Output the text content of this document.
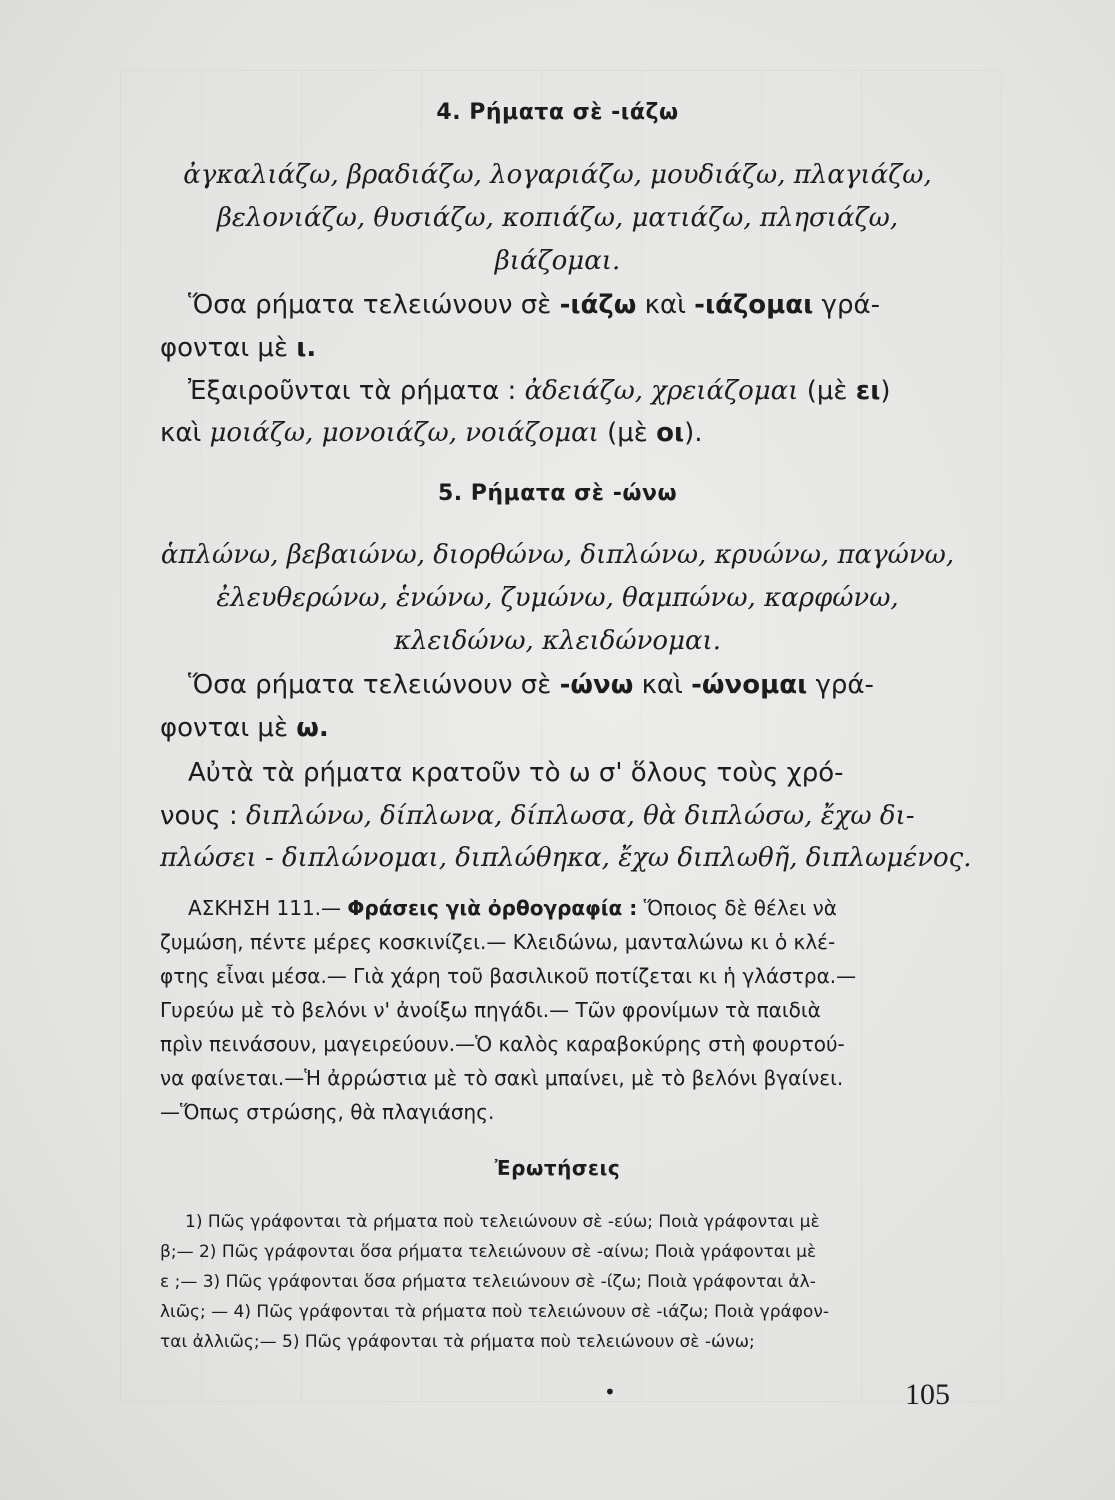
4. Ρήματα σὲ -ιάζω
ἀγκαλιάζω, βραδιάζω, λογαριάζω, μουδιάζω, πλαγιάζω,
βελονιάζω, θυσιάζω, κοπιάζω, ματιάζω, πλησιάζω,
βιάζομαι.
Ὅσα ρήματα τελειώνουν σὲ -ιάζω καὶ -ιάζομαι γρά-
φονται μὲ ι.
Ἐξαιροῦνται τὰ ρήματα : ἀδειάζω, χρειάζομαι (μὲ ει)
καὶ μοιάζω, μονοιάζω, νοιάζομαι (μὲ οι).
5. Ρήματα σὲ -ώνω
ἁπλώνω, βεβαιώνω, διορθώνω, διπλώνω, κρυώνω, παγώνω,
ἐλευθερώνω, ἑνώνω, ζυμώνω, θαμπώνω, καρφώνω,
κλειδώνω, κλειδώνομαι.
Ὅσα ρήματα τελειώνουν σὲ -ώνω καὶ -ώνομαι γρά-
φονται μὲ ω.
Αὐτὰ τὰ ρήματα κρατοῦν τὸ ω σ' ὅλους τοὺς χρό-
νους : διπλώνω, δίπλωνα, δίπλωσα, θὰ διπλώσω, ἔχω δι-
πλώσει - διπλώνομαι, διπλώθηκα, ἔχω διπλωθῆ, διπλωμένος.
ΑΣΚΗΣΗ 111.— Φράσεις γιὰ ὀρθογραφία : Ὅποιος δὲ θέλει νὰ
ζυμώση, πέντε μέρες κοσκινίζει.— Κλειδώνω, μανταλώνω κι ὁ κλέ-
φτης εἶναι μέσα.— Γιὰ χάρη τοῦ βασιλικοῦ ποτίζεται κι ἡ γλάστρα.—
Γυρεύω μὲ τὸ βελόνι ν' ἀνοίξω πηγάδι.— Τῶν φρονίμων τὰ παιδιὰ
πρὶν πεινάσουν, μαγειρεύουν.—Ὁ καλὸς καραβοκύρης στὴ φουρτού-
να φαίνεται.—Ἡ ἀρρώστια μὲ τὸ σακὶ μπαίνει, μὲ τὸ βελόνι βγαίνει.
—Ὅπως στρώσης, θὰ πλαγιάσης.
Ἐρωτήσεις
1) Πῶς γράφονται τὰ ρήματα ποὺ τελειώνουν σὲ -εύω; Ποιὰ γράφονται μὲ
β;— 2) Πῶς γράφονται ὅσα ρήματα τελειώνουν σὲ -αίνω; Ποιὰ γράφονται μὲ
ε ;— 3) Πῶς γράφονται ὅσα ρήματα τελειώνουν σὲ -ίζω; Ποιὰ γράφονται ἀλ-
λιῶς; — 4) Πῶς γράφονται τὰ ρήματα ποὺ τελειώνουν σὲ -ιάζω; Ποιὰ γράφον-
ται ἀλλιῶς;— 5) Πῶς γράφονται τὰ ρήματα ποὺ τελειώνουν σὲ -ώνω;
•	105
